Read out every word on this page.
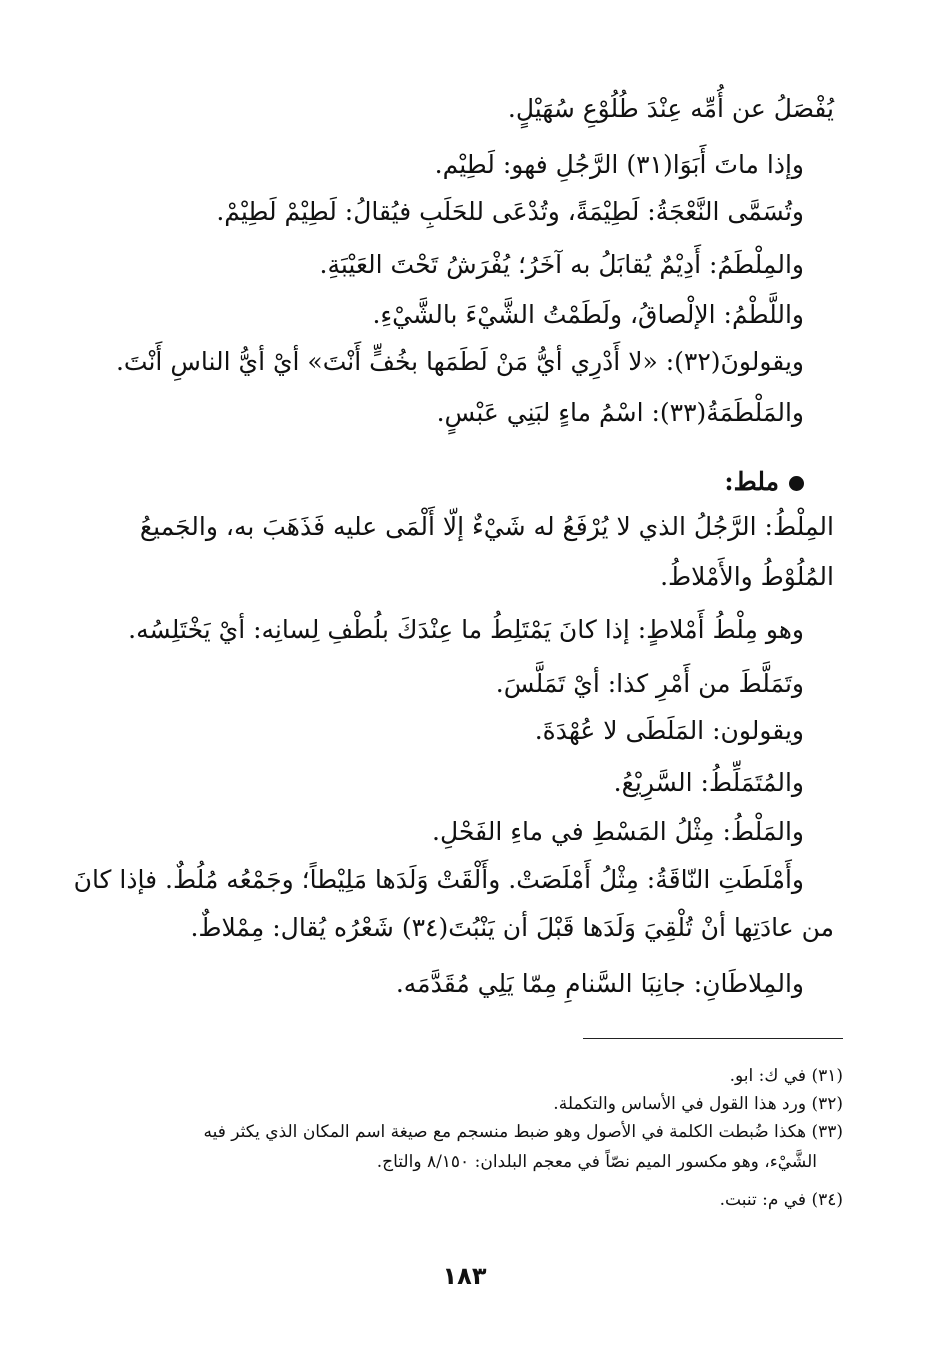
يُفْصَلُ عن أُمِّه عِنْدَ طُلُوْعِ سُهَيْلٍ.
وإذا ماتَ أَبَوَا(٣١) الرَّجُلِ فهو: لَطِيْم.
وتُسَمَّى النَّعْجَةُ: لَطِيْمَةً، وتُدْعَى للحَلَبِ فيُقالُ: لَطِيْمْ لَطِيْمْ.
والمِلْطَمُ: أَدِيْمٌ يُقابَلُ به آخَرُ؛ يُفْرَشُ تَحْتَ العَيْبَةِ.
واللَّطْمُ: الإلْصاقُ، ولَطَمْتُ الشَّيْءَ بالشَّيْءِ.
ويقولونَ(٣٢): «لا أَدْرِي أيُّ مَنْ لَطَمَها بخُفٍّ أَنْتَ» أيْ أيُّ الناسِ أَنْتَ.
والمَلْطَمَةُ(٣٣): اسْمُ ماءٍ لبَنِي عَبْسٍ.
ملط:
المِلْطُ: الرَّجُلُ الذي لا يُرْفَعُ له شَيْءٌ إلّا أَلْمَى عليه فَذَهَبَ به، والجَميعُ
المُلُوْطُ والأَمْلاطُ.
وهو مِلْطُ أَمْلاطٍ: إذا كانَ يَمْتَلِطُ ما عِنْدَكَ بلُطْفِ لِسانِه: أيْ يَخْتَلِسُه.
وتَمَلَّطَ من أَمْرِ كذا: أيْ تَمَلَّسَ.
ويقولون: المَلَطَى لا عُهْدَةَ.
والمُتَمَلِّطُ: السَّرِيْعُ.
والمَلْطُ: مِثْلُ المَسْطِ في ماءِ الفَحْلِ.
وأَمْلَطَتِ النّاقَةُ: مِثْلُ أَمْلَصَتْ. وأَلْقَتْ وَلَدَها مَلِيْطاً؛ وجَمْعُه مُلُطٌ. فإذا كانَ
من عادَتِها أنْ تُلْقِيَ وَلَدَها قَبْلَ أن يَنْبُتَ(٣٤) شَعْرُه يُقال: مِمْلاطٌ.
والمِلاطَانِ: جانِبَا السَّنامِ مِمّا يَلِي مُقَدَّمَه.
(٣١) في ك: ابو.
(٣٢) ورد هذا القول في الأساس والتكملة.
(٣٣) هكذا ضُبطت الكلمة في الأصول وهو ضبط منسجم مع صيغة اسم المكان الذي يكثر فيه
الشَّيْء، وهو مكسور الميم نصّاً في معجم البلدان: ٨/١٥٠ والتاج.
(٣٤) في م: تنبت.
١٨٣
